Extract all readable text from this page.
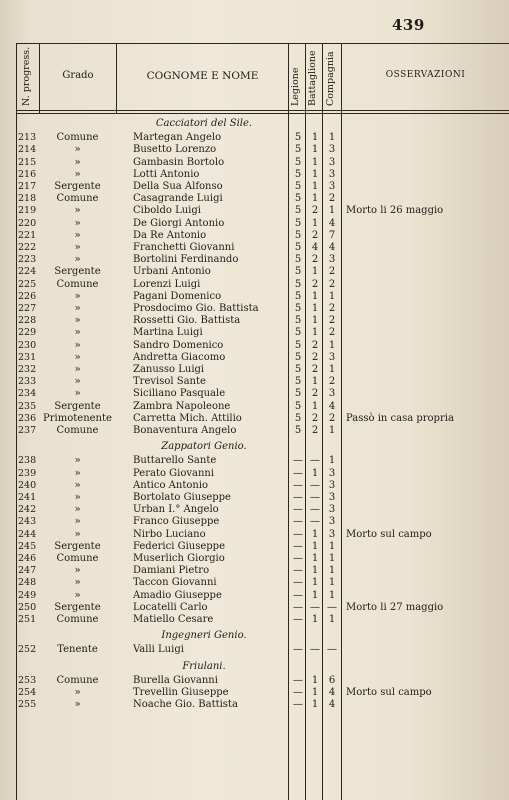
439
N. progress.	Grado	COGNOME E NOME	Legione Battaglione Compagnia	OSSERVAZIONI
Cacciatori del Sile.
213	Comune	Martegan Angelo	5	1	1
214	»	Busetto Lorenzo	5	1	3
215	»	Gambasin Bortolo	5	1	3
216	»	Lotti Antonio	5	1	3
217	Sergente	Della Sua Alfonso	5	1	3
218	Comune	Casagrande Luigi	5	1	2
219	»	Ciboldo Luigi	5	2	1	Morto li 26 maggio
220	»	De Giorgi Antonio	5	1	4
221	»	Da Re Antonio	5	2	7
222	»	Franchetti Giovanni	5	4	4
223	»	Bortolini Ferdinando	5	2	3
224	Sergente	Urbani Antonio	5	1	2
225	Comune	Lorenzi Luigi	5	2	2
226	»	Pagani Domenico	5	1	1
227	»	Prosdocimo Gio. Battista	5	1	2
228	»	Rossetti Gio. Battista	5	1	2
229	»	Martina Luigi	5	1	2
230	»	Sandro Domenico	5	2	1
231	»	Andretta Giacomo	5	2	3
232	»	Zanusso Luigi	5	2	1
233	»	Trevisol Sante	5	1	2
234	»	Siciliano Pasquale	5	2	3
235	Sergente	Zambra Napoleone	5	1	4
236 Primotenente	Carretta Mich. Attilio	5	2	2	Passò in casa propria
237	Comune	Bonaventura Angelo	5	2	1
Zappatori Genio.
238	»	Buttarello Sante	— — 1
239	»	Perato Giovanni	— 1	3
240	»	Antico Antonio	— — 3
241	»	Bortolato Giuseppe	— — 3
242	»	Urban I.° Angelo	— — 3
243	»	Franco Giuseppe	— — 3
244	»	Nirbo Luciano	— 1	3	Morto sul campo
245	Sergente	Federici Giuseppe	— 1	1
246	Comune	Muserlich Giorgio	— 1	1
247	»	Damiani Pietro	— 1	1
248	»	Taccon Giovanni	— 1	1
249	»	Amadio Giuseppe	— 1	1
250	Sergente	Locatelli Carlo	— — — Morto li 27 maggio
251	Comune	Matiello Cesare	— 1	1
Ingegneri Genio.
252	Tenente	Valli Luigi	— — —
Friulani.
253	Comune	Burella Giovanni	— 1	6
254	»	Trevellin Giuseppe	— 1	4	Morto sul campo
255	»	Noache Gio. Battista	— 1	4
